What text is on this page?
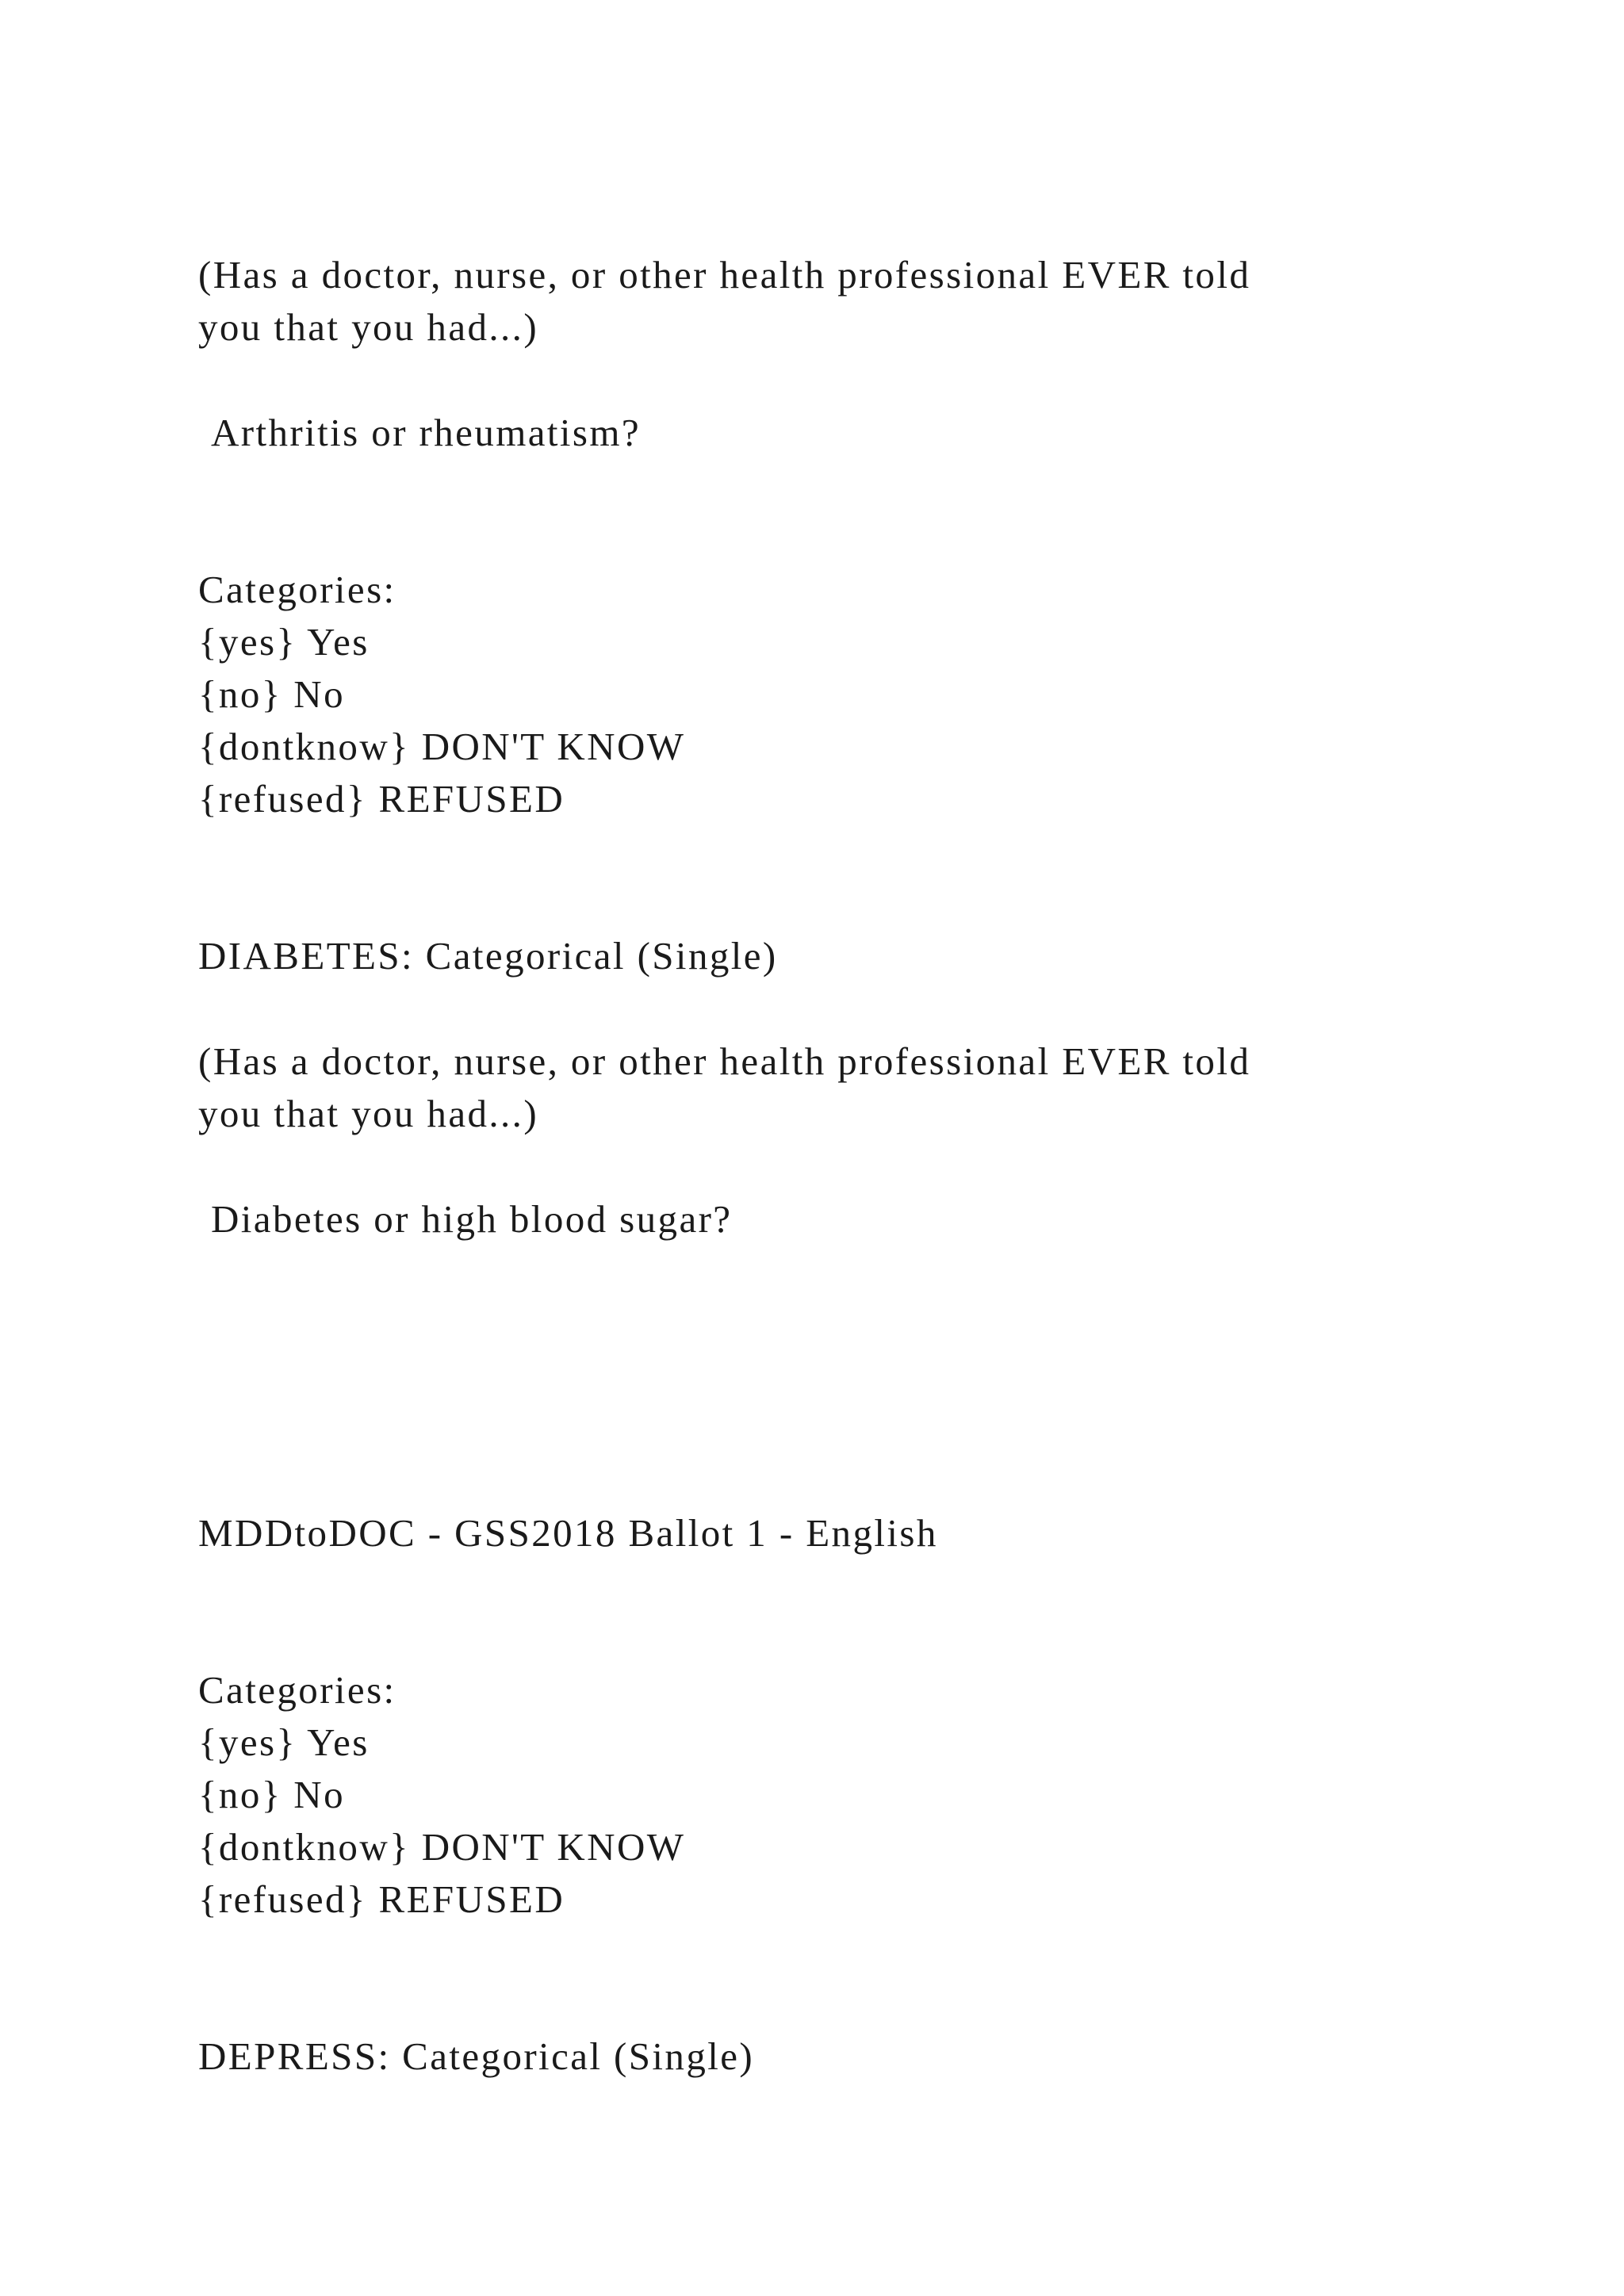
(Has a doctor, nurse, or other health professional EVER told

you that you had...)

Arthritis or rheumatism?

Categories:

{yes} Yes

{no} No

{dontknow} DON'T KNOW

{refused} REFUSED

DIABETES: Categorical (Single)

(Has a doctor, nurse, or other health professional EVER told

you that you had...)

Diabetes or high blood sugar?

MDDtoDOC - GSS2018 Ballot 1 - English

Categories:

{yes} Yes

{no} No

{dontknow} DON'T KNOW

{refused} REFUSED

DEPRESS: Categorical (Single)
